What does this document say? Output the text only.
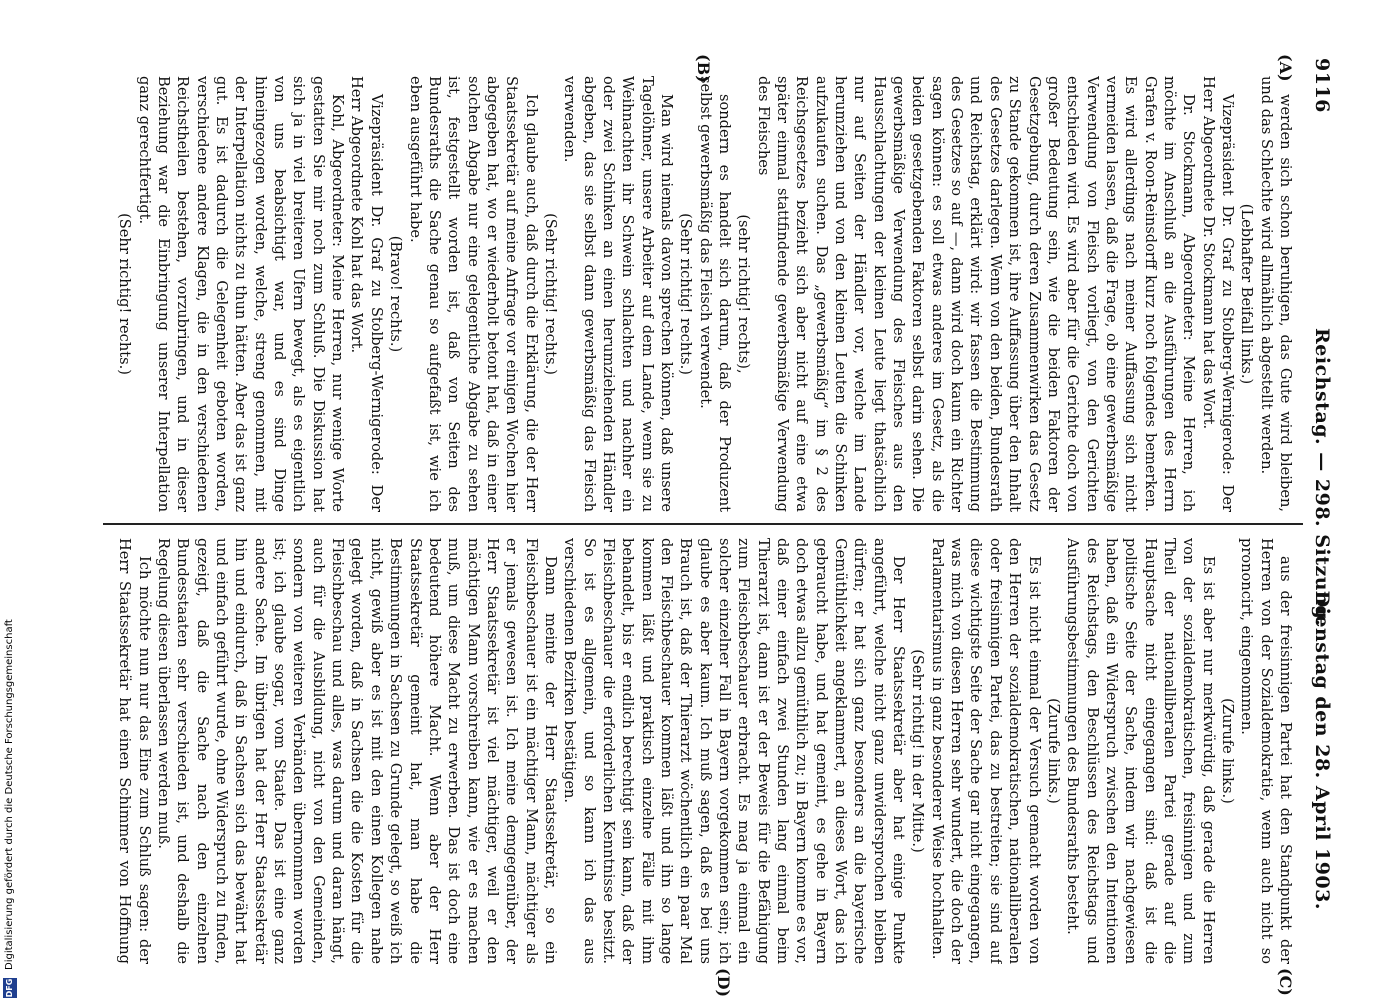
9116
Reichstag. — 298. Sitzung.
Dienstag den 28. April 1903.
(A)
(B)
(C)
(D)

werden sich schon beruhigen, das Gute wird bleiben, und das Schlechte wird allmählich abgestellt werden.

(Lebhafter Beifall links.)

Vizepräsident Dr. Graf zu Stolberg-Wernigerode: Der Herr Abgeordnete Dr. Stockmann hat das Wort.

Dr. Stockmann, Abgeordneter: Meine Herren, ich möchte im Anschluß an die Ausführungen des Herrn Grafen v. Roon-Reinsdorff kurz noch folgendes bemerken. Es wird allerdings nach meiner Auffassung sich nicht vermeiden lassen, daß die Frage, ob eine gewerbsmäßige Verwendung von Fleisch vorliegt, von den Gerichten entschieden wird. Es wird aber für die Gerichte doch von großer Bedeutung sein, wie die beiden Faktoren der Gesetzgebung, durch deren Zusammenwirken das Gesetz zu Stande gekommen ist, ihre Auffassung über den Inhalt des Gesetzes darlegen. Wenn von den beiden, Bundesrath und Reichstag, erklärt wird: wir fassen die Bestimmung des Gesetzes so auf —, dann wird doch kaum ein Richter sagen können: es soll etwas anderes im Gesetz, als die beiden gesetzgebenden Faktoren selbst darin sehen. Die gewerbsmäßige Verwendung des Fleisches aus den Hausschlachtungen der kleinen Leute liegt thatsächlich nur auf Seiten der Händler vor, welche im Lande herumziehen und von den kleinen Leuten die Schinken aufzukaufen suchen. Das „gewerbsmäßig“ im § 2 des Reichsgesetzes bezieht sich aber nicht auf eine etwa später einmal stattfindende gewerbsmäßige Verwendung des Fleisches

(sehr richtig! rechts),

sondern es handelt sich darum, daß der Produzent selbst gewerbsmäßig das Fleisch verwendet.

(Sehr richtig! rechts.)

Man wird niemals davon sprechen können, daß unsere Tagelöhner, unsere Arbeiter auf dem Lande, wenn sie zu Weihnachten ihr Schwein schlachten und nachher ein oder zwei Schinken an einen herumziehenden Händler abgeben, das sie selbst dann gewerbsmäßig das Fleisch verwenden.

(Sehr richtig! rechts.)

Ich glaube auch, daß durch die Erklärung, die der Herr Staatssekretär auf meine Anfrage vor einigen Wochen hier abgegeben hat, wo er wiederholt betont hat, daß in einer solchen Abgabe nur eine gelegentliche Abgabe zu sehen ist, festgestellt worden ist, daß von Seiten des Bundesraths die Sache genau so aufgefaßt ist, wie ich eben ausgeführt habe.

(Bravo! rechts.)

Vizepräsident Dr. Graf zu Stolberg-Wernigerode: Der Herr Abgeordnete Kohl hat das Wort.

Kohl, Abgeordneter: Meine Herren, nur wenige Worte gestatten Sie mir noch zum Schluß. Die Diskussion hat sich ja in viel breiteren Ufern bewegt, als es eigentlich von uns beabsichtigt war, und es sind Dinge hineingezogen worden, welche, streng genommen, mit der Interpellation nichts zu thun hätten. Aber das ist ganz gut. Es ist dadurch die Gelegenheit geboten worden, verschiedene andere Klagen, die in den verschiedenen Reichstheilen bestehen, vorzubringen, und in dieser Beziehung war die Einbringung unserer Interpellation ganz gerechtfertigt.

(Sehr richtig! rechts.)

aus der freisinnigen Partei hat den Standpunkt der Herren von der Sozialdemokratie, wenn auch nicht so prononcirt, eingenommen.

(Zurufe links.)

Es ist aber nur merkwürdig, daß gerade die Herren von der sozialdemokratischen, freisinnigen und zum Theil der nationalliberalen Partei gerade auf die Hauptsache nicht eingegangen sind: daß ist die politische Seite der Sache, indem wir nachgewiesen haben, daß ein Widerspruch zwischen den Intentionen des Reichstags, den Beschlüssen des Reichstags und Ausführungsbestimmungen des Bundesraths besteht.

(Zurufe links.)

Es ist nicht einmal der Versuch gemacht worden von den Herren der sozialdemokratischen, nationalliberalen oder freisinnigen Partei, das zu bestreiten; sie sind auf diese wichtigste Seite der Sache gar nicht eingegangen, was mich von diesen Herren sehr wundert, die doch der Parlamentarismus in ganz besonderer Weise hochhalten.

(Sehr richtig! in der Mitte.)

Der Herr Staatssekretär aber hat einige Punkte angeführt, welche nicht ganz unwidersprochen bleiben dürfen; er hat sich ganz besonders an die bayerische Gemüthlichkeit angeklammert, an dieses Wort, das ich gebraucht habe, und hat gemeint, es gehe in Bayern doch etwas allzu gemüthlich zu; in Bayern komme es vor, daß einer einfach zwei Stunden lang einmal beim Thierarzt ist, dann ist er der Beweis für die Befähigung zum Fleischbeschauer erbracht. Es mag ja einmal ein solcher einzelner Fall in Bayern vorgekommen sein; ich glaube es aber kaum. Ich muß sagen, daß es bei uns Brauch ist, daß der Thierarzt wöchentlich ein paar Mal den Fleischbeschauer kommen läßt und ihn so lange kommen läßt und praktisch einzelne Fälle mit ihm behandelt, bis er endlich berechtigt sein kann, daß der Fleischbeschauer die erforderlichen Kenntnisse besitzt. So ist es allgemein, und so kann ich das aus verschiedenen Bezirken bestätigen.

Dann meinte der Herr Staatssekretär, so ein Fleischbeschauer ist ein mächtiger Mann, mächtiger als er jemals gewesen ist. Ich meine demgegenüber, der Herr Staatssekretär ist viel mächtiger, weil er den mächtigen Mann vorschreiben kann, wie er es machen muß, um diese Macht zu erwerben. Das ist doch eine bedeutend höhere Macht. Wenn aber der Herr Staatssekretär gemeint hat, man habe die Bestimmungen in Sachsen zu Grunde gelegt, so weiß ich nicht, gewiß aber es ist mit den einen Kollegen nahe gelegt worden, daß in Sachsen die die Kosten für die Fleischbeschau und alles, was darum und daran hängt, auch für die Ausbildung, nicht von den Gemeinden, sondern von weiteren Verbänden übernommen worden ist; ich glaube sogar, vom Staate. Das ist eine ganz andere Sache. Im übrigen hat der Herr Staatssekretär hin und eindurch, daß in Sachsen sich das bewährt hat und einfach geführt wurde, ohne Widerspruch zu finden, gezeigt, daß die Sache nach den einzelnen Bundesstaaten sehr verschieden ist, und deshalb die Regelung diesen überlassen werden muß.

Ich möchte nun nur das Eine zum Schluß sagen: der Herr Staatssekretär hat einen Schimmer von Hoffnung

DFG
Digitalisierung gefördert durch die Deutsche Forschungsgemeinschaft
